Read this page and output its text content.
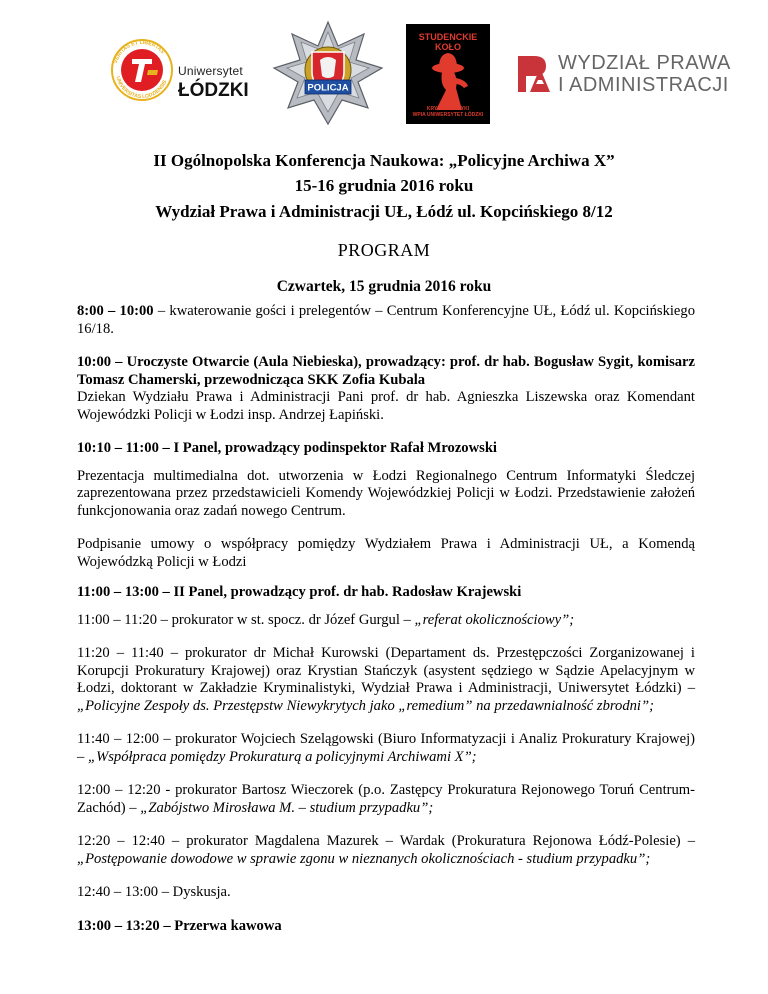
VERITAS ET LIBERTAS
UNIVERSITAS LODZIENSIS
Uniwersytet
ŁÓDZKI	POLICJA
STUDENCKIE
KOŁO
KRYMINALISTYKI
WPIA UNIWERSYTET ŁÓDZKI
WYDZIAŁ PRAWA
I ADMINISTRACJI
II Ogólnopolska Konferencja Naukowa: „Policyjne Archiwa X”
15-16 grudnia 2016 roku
Wydział Prawa i Administracji UŁ, Łódź ul. Kopcińskiego 8/12
PROGRAM
Czwartek, 15 grudnia 2016 roku

8:00 – 10:00 – kwaterowanie gości i prelegentów – Centrum Konferencyjne UŁ, Łódź ul. Kopcińskiego 16/18.

10:00 – Uroczyste Otwarcie (Aula Niebieska), prowadzący: prof. dr hab. Bogusław Sygit, komisarz Tomasz Chamerski, przewodnicząca SKK Zofia Kubala
Dziekan Wydziału Prawa i Administracji Pani prof. dr hab. Agnieszka Liszewska oraz Komendant Wojewódzki Policji w Łodzi insp. Andrzej Łapiński.

10:10 – 11:00 – I Panel, prowadzący podinspektor Rafał Mrozowski

Prezentacja multimedialna dot. utworzenia w Łodzi Regionalnego Centrum Informatyki Śledczej zaprezentowana przez przedstawicieli Komendy Wojewódzkiej Policji w Łodzi. Przedstawienie założeń funkcjonowania oraz zadań nowego Centrum.

Podpisanie umowy o współpracy pomiędzy Wydziałem Prawa i Administracji UŁ, a Komendą Wojewódzką Policji w Łodzi

11:00 – 13:00 – II Panel, prowadzący prof. dr hab. Radosław Krajewski

11:00 – 11:20 – prokurator w st. spocz. dr Józef Gurgul – „referat okolicznościowy”;

11:20 – 11:40 – prokurator dr Michał Kurowski (Departament ds. Przestępczości Zorganizowanej i Korupcji Prokuratury Krajowej) oraz Krystian Stańczyk (asystent sędziego w Sądzie Apelacyjnym w Łodzi, doktorant w Zakładzie Kryminalistyki, Wydział Prawa i Administracji, Uniwersytet Łódzki) – „Policyjne Zespoły ds. Przestępstw Niewykrytych jako „remedium” na przedawnialność zbrodni”;

11:40 – 12:00 – prokurator Wojciech Szelągowski (Biuro Informatyzacji i Analiz Prokuratury Krajowej) – „Współpraca pomiędzy Prokuraturą a policyjnymi Archiwami X”;

12:00 – 12:20 - prokurator Bartosz Wieczorek (p.o. Zastępcy Prokuratura Rejonowego Toruń Centrum-Zachód) – „Zabójstwo Mirosława M. – studium przypadku”;

12:20 – 12:40 – prokurator Magdalena Mazurek – Wardak (Prokuratura Rejonowa Łódź-Polesie) – „Postępowanie dowodowe w sprawie zgonu w nieznanych okolicznościach - studium przypadku”;

12:40 – 13:00 – Dyskusja.

13:00 – 13:20 – Przerwa kawowa
